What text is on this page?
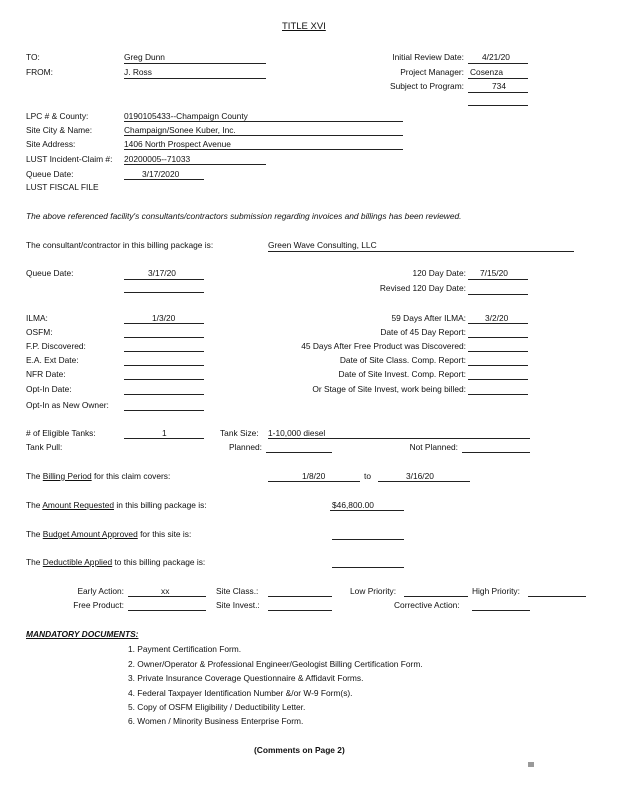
TITLE XVI
TO:	Greg Dunn
FROM:	J. Ross
Initial Review Date: 4/21/20
Project Manager: Cosenza
Subject to Program:	734
LPC # & County:	0190105433--Champaign County
Site City & Name:	Champaign/Sonee Kuber, Inc.
Site Address:	1406 North Prospect Avenue
LUST Incident-Claim #: 20200005--71033
Queue Date:	3/17/2020
LUST FISCAL FILE
The above referenced facility's consultants/contractors submission regarding invoices and billings has been reviewed.
The consultant/contractor in this billing package is:	Green Wave Consulting, LLC
Queue Date:	3/17/20	120 Day Date: 7/15/20
Revised 120 Day Date:
ILMA:	1/3/20	59 Days After ILMA: 3/2/20
OSFM:	Date of 45 Day Report:
F.P. Discovered:	45 Days After Free Product was Discovered:
E.A. Ext Date:	Date of Site Class. Comp. Report:
NFR Date:	Date of Site Invest. Comp. Report:
Opt-In Date:	Or Stage of Site Invest, work being billed:
Opt-In as New Owner:
# of Eligible Tanks:	1	Tank Size: 1-10,000 diesel
Tank Pull:	Planned:	Not Planned:
The Billing Period for this claim covers:	1/8/20	to	3/16/20
The Amount Requested in this billing package is:	$46,800.00
The Budget Amount Approved for this site is:
The Deductible Applied to this billing package is:
Early Action:	xx	Site Class.:	Low Priority:	High Priority:
Free Product:	Site Invest.:	Corrective Action:
MANDATORY DOCUMENTS:
1. Payment Certification Form.
2. Owner/Operator & Professional Engineer/Geologist Billing Certification Form.
3. Private Insurance Coverage Questionnaire & Affidavit Forms.
4. Federal Taxpayer Identification Number &/or W-9 Form(s).
5. Copy of OSFM Eligibility / Deductibility Letter.
6. Women / Minority Business Enterprise Form.
(Comments on Page 2)
